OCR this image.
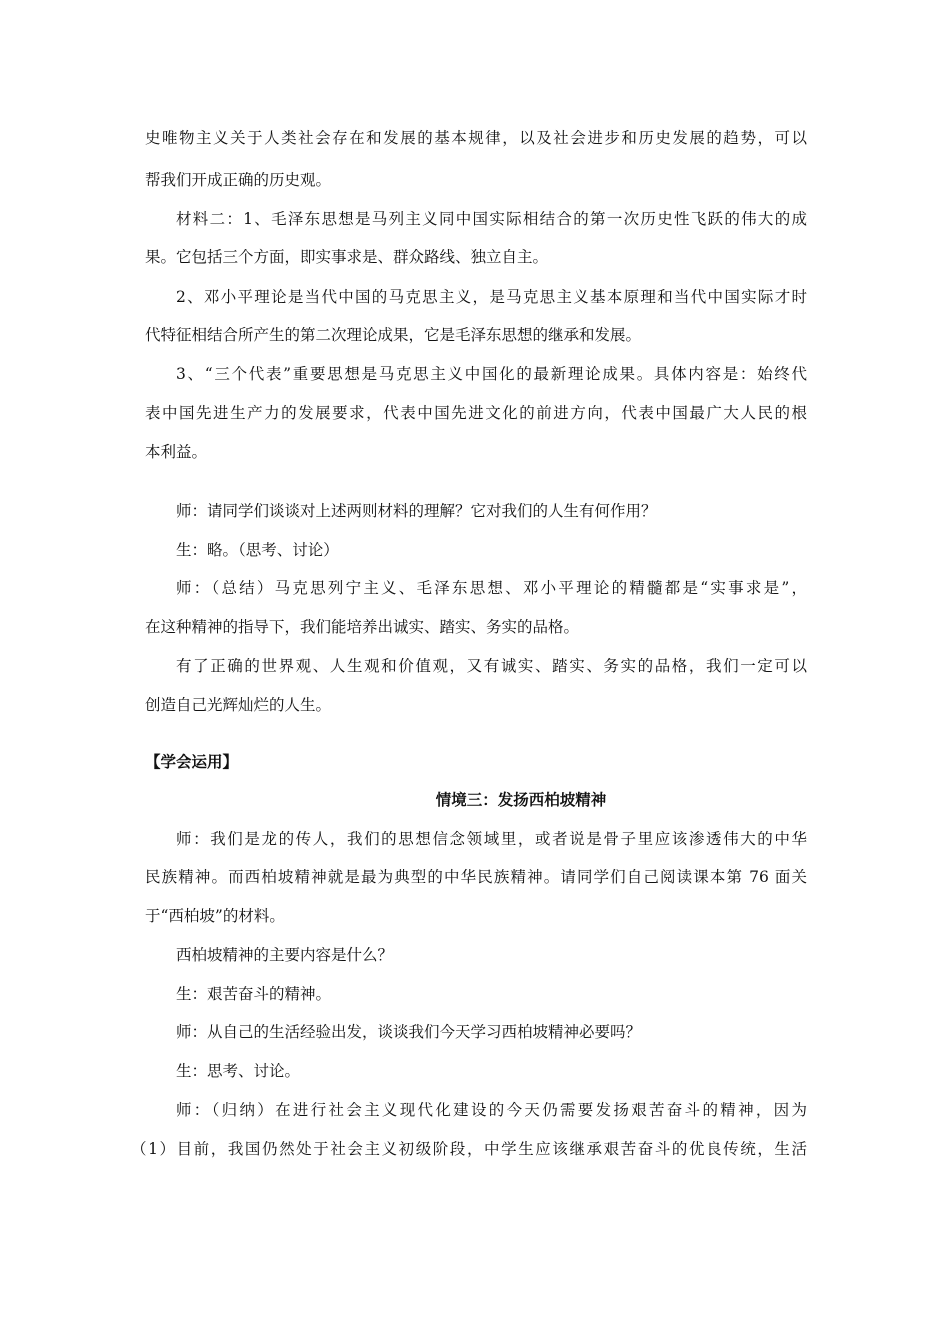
史唯物主义关于人类社会存在和发展的基本规律，以及社会进步和历史发展的趋势，可以
帮我们开成正确的历史观。
材料二：1、毛泽东思想是马列主义同中国实际相结合的第一次历史性飞跃的伟大的成
果。它包括三个方面，即实事求是、群众路线、独立自主。
2、邓小平理论是当代中国的马克思主义，是马克思主义基本原理和当代中国实际才时
代特征相结合所产生的第二次理论成果，它是毛泽东思想的继承和发展。
3、“三个代表”重要思想是马克思主义中国化的最新理论成果。具体内容是：始终代
表中国先进生产力的发展要求，代表中国先进文化的前进方向，代表中国最广大人民的根
本利益。
师：请同学们谈谈对上述两则材料的理解？它对我们的人生有何作用？
生：略。（思考、讨论）
师：（总结）马克思列宁主义、毛泽东思想、邓小平理论的精髓都是“实事求是”，
在这种精神的指导下，我们能培养出诚实、踏实、务实的品格。
有了正确的世界观、人生观和价值观，又有诚实、踏实、务实的品格，我们一定可以
创造自己光辉灿烂的人生。
【学会运用】
情境三：发扬西柏坡精神
师：我们是龙的传人，我们的思想信念领域里，或者说是骨子里应该渗透伟大的中华
民族精神。而西柏坡精神就是最为典型的中华民族精神。请同学们自己阅读课本第 76 面关
于“西柏坡”的材料。
西柏坡精神的主要内容是什么？
生：艰苦奋斗的精神。
师：从自己的生活经验出发，谈谈我们今天学习西柏坡精神必要吗？
生：思考、讨论。
师：（归纳）在进行社会主义现代化建设的今天仍需要发扬艰苦奋斗的精神，因为
（1）目前，我国仍然处于社会主义初级阶段，中学生应该继承艰苦奋斗的优良传统，生活
